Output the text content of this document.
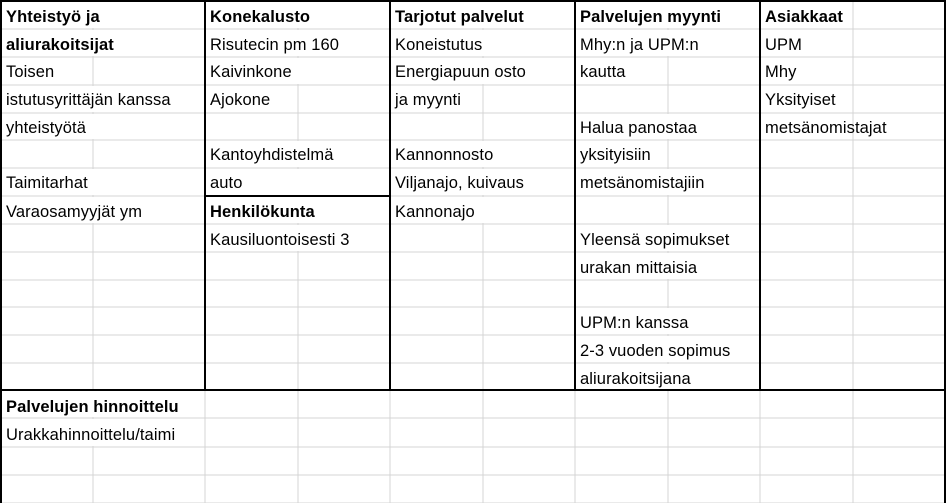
Yhteistyö ja
aliurakoitsijat
Toisen
istutusyrittäjän kanssa
yhteistyötä
Taimitarhat
Varaosamyyjät ym
Konekalusto
Risutecin pm 160
Kaivinkone
Ajokone
Kantoyhdistelmä
auto
Henkilökunta
Kausiluontoisesti 3
Tarjotut palvelut
Koneistutus
Energiapuun osto
ja myynti
Kannonnosto
Viljanajo, kuivaus
Kannonajo
Palvelujen myynti
Mhy:n ja UPM:n
kautta
Halua panostaa
yksityisiin
metsänomistajiin
Yleensä sopimukset
urakan mittaisia
UPM:n kanssa
2-3 vuoden sopimus
aliurakoitsijana
Asiakkaat
UPM
Mhy
Yksityiset
metsänomistajat
Palvelujen hinnoittelu
Urakkahinnoittelu/taimi
